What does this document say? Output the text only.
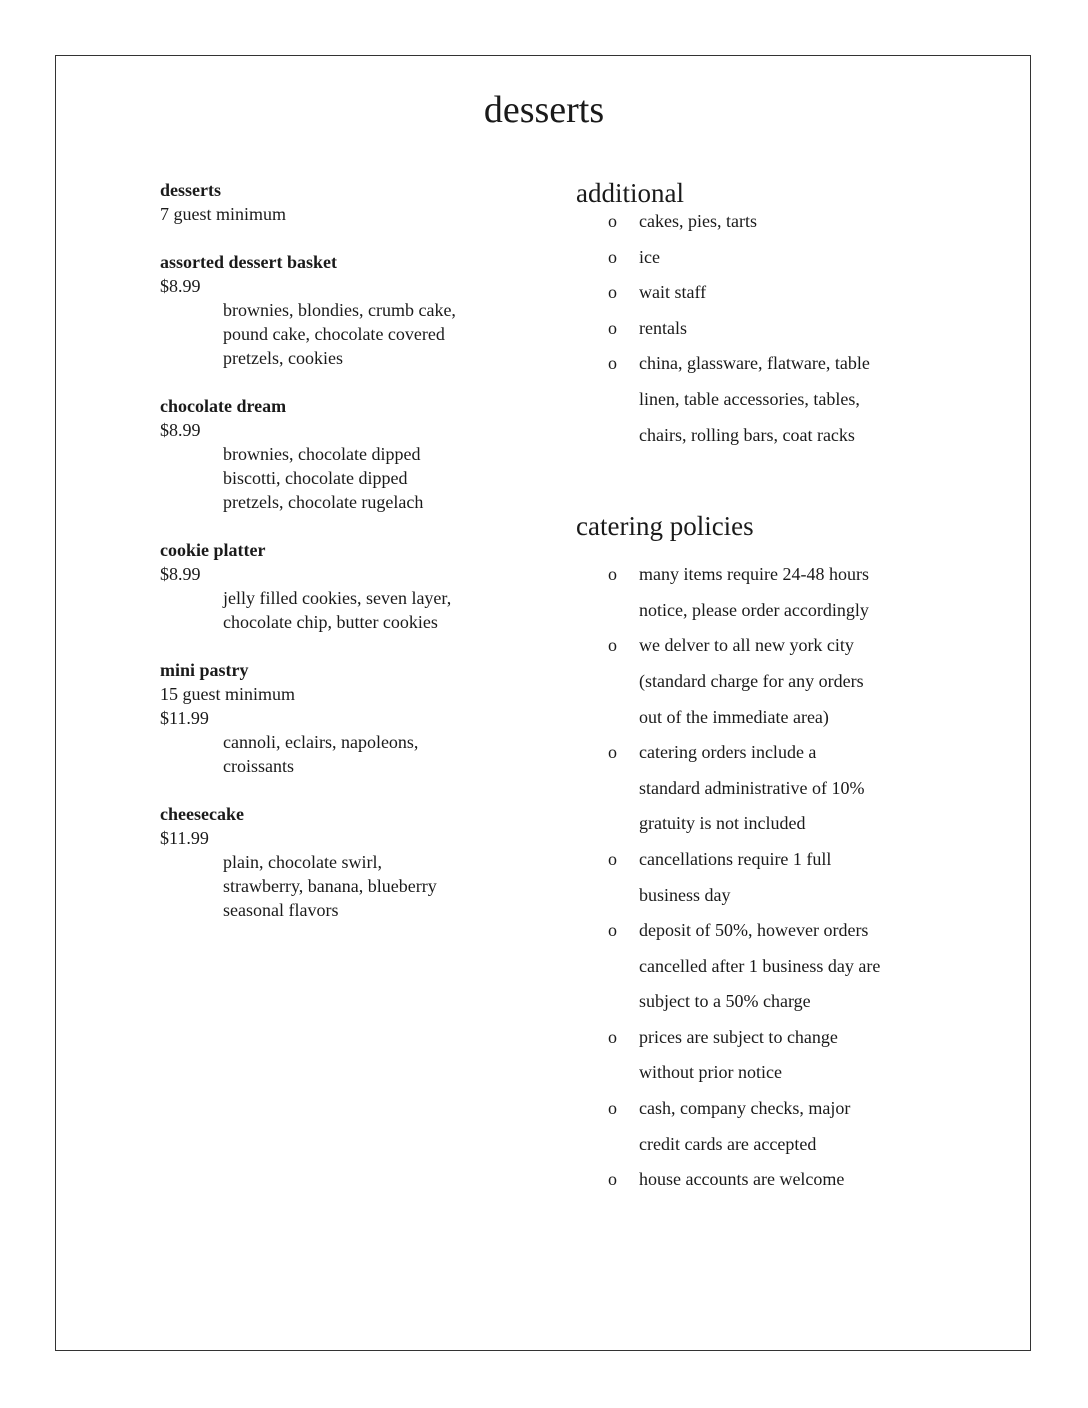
desserts
desserts
7 guest minimum
assorted dessert basket
$8.99
brownies, blondies, crumb cake,
pound cake, chocolate covered
pretzels, cookies
chocolate dream
$8.99
brownies, chocolate dipped
biscotti, chocolate dipped
pretzels, chocolate rugelach
cookie platter
$8.99
jelly filled cookies, seven layer,
chocolate chip, butter cookies
mini pastry
15 guest minimum
$11.99
cannoli, eclairs, napoleons,
croissants
cheesecake
$11.99
plain, chocolate swirl,
strawberry, banana, blueberry
seasonal flavors
additional
o cakes, pies, tarts
o ice
o wait staff
o rentals
o china, glassware, flatware, table
linen, table accessories, tables,
chairs, rolling bars, coat racks
catering policies
o many items require 24-48 hours
notice, please order accordingly
o we delver to all new york city
(standard charge for any orders
out of the immediate area)
o catering orders include a
standard administrative of 10%
gratuity is not included
o cancellations require 1 full
business day
o deposit of 50%, however orders
cancelled after 1 business day are
subject to a 50% charge
o prices are subject to change
without prior notice
o cash, company checks, major
credit cards are accepted
o house accounts are welcome
